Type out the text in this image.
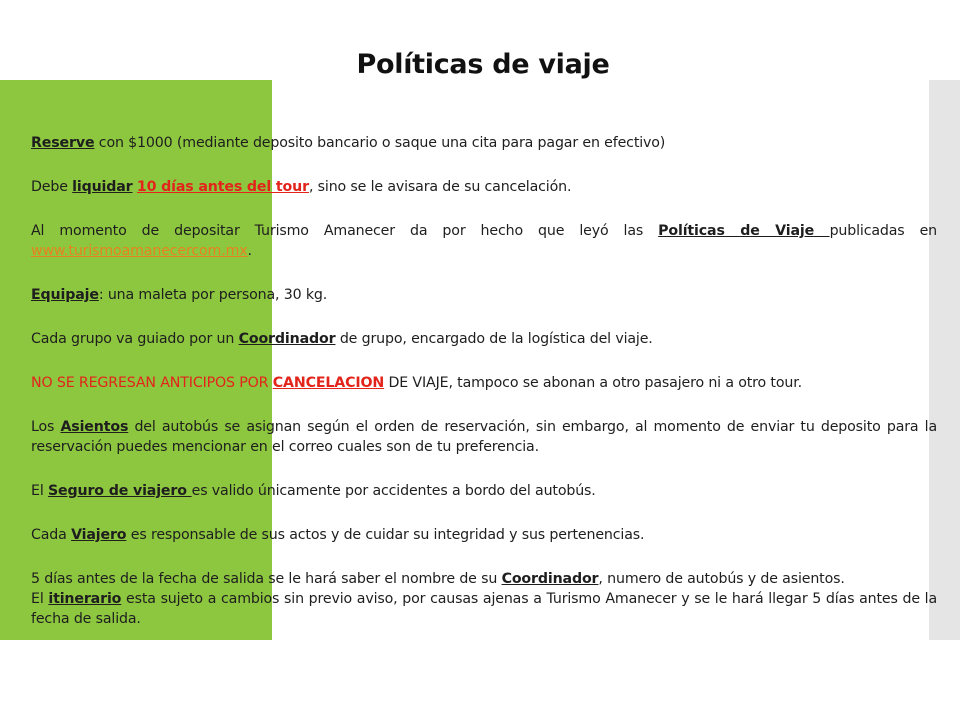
Políticas de viaje

Reserve con $1000 (mediante deposito bancario o saque una cita para pagar en efectivo)

Debe liquidar 10 días antes del tour, sino se le avisara de su cancelación.

Al momento de depositar Turismo Amanecer da por hecho que leyó las Políticas de Viaje publicadas en www.turismoamanecercom.mx.

Equipaje: una maleta por persona, 30 kg.

Cada grupo va guiado por un Coordinador de grupo, encargado de la logística del viaje.

NO SE REGRESAN ANTICIPOS POR CANCELACION DE VIAJE, tampoco se abonan a otro pasajero ni a otro tour.

Los Asientos del autobús se asignan según el orden de reservación, sin embargo, al momento de enviar tu deposito para la reservación puedes mencionar en el correo cuales son de tu preferencia.

El Seguro de viajero es valido únicamente por accidentes a bordo del autobús.

Cada Viajero es responsable de sus actos y de cuidar su integridad y sus pertenencias.

5 días antes de la fecha de salida se le hará saber el nombre de su Coordinador, numero de autobús y de asientos.

El itinerario esta sujeto a cambios sin previo aviso, por causas ajenas a Turismo Amanecer y se le hará llegar 5 días antes de la fecha de salida.
